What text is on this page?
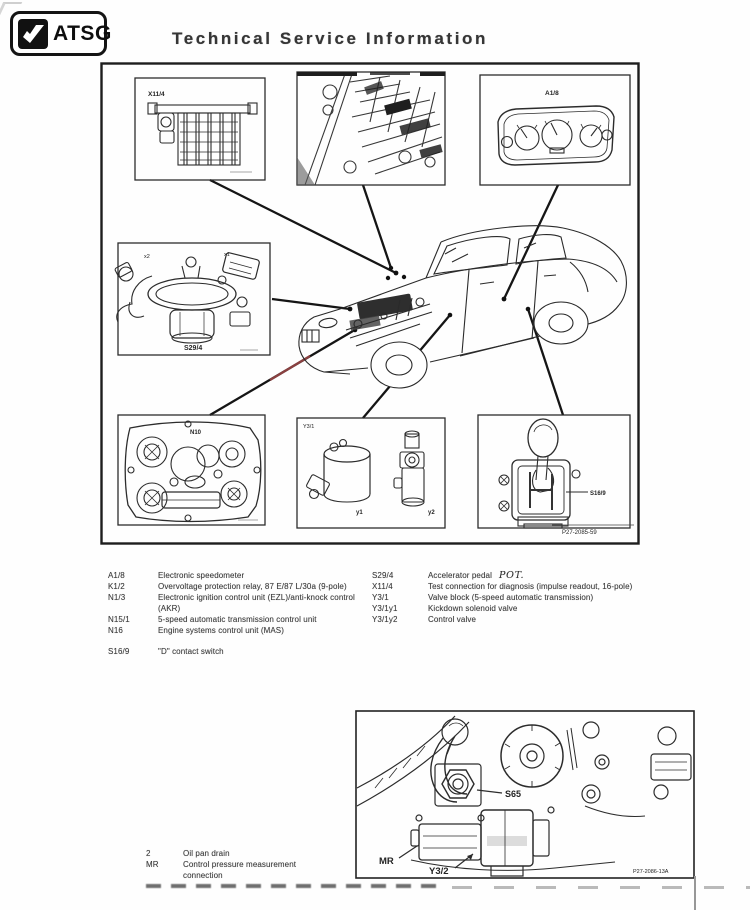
ATSG	Technical Service Information
X11/4	A1/8
x2	x1
S29/4
N10
Y3/1
y1	y2
S16/9
P27-2085-59
A1/8	Electronic speedometer
K1/2	Overvoltage protection relay, 87 E/87 L/30a (9-pole)
N1/3	Electronic ignition control unit (EZL)/anti-knock control (AKR)
N15/1	5-speed automatic transmission control unit
N16	Engine systems control unit (MAS)
S16/9	"D" contact switch
S29/4	Accelerator pedal POT.
X11/4	Test connection for diagnosis (impulse readout, 16-pole)
Y3/1	Valve block (5-speed automatic transmission)
Y3/1y1	Kickdown solenoid valve
Y3/1y2	Control valve
S65
MR
Y3/2	P27-2086-13A
2	Oil pan drain
MR	Control pressure measurement connection
